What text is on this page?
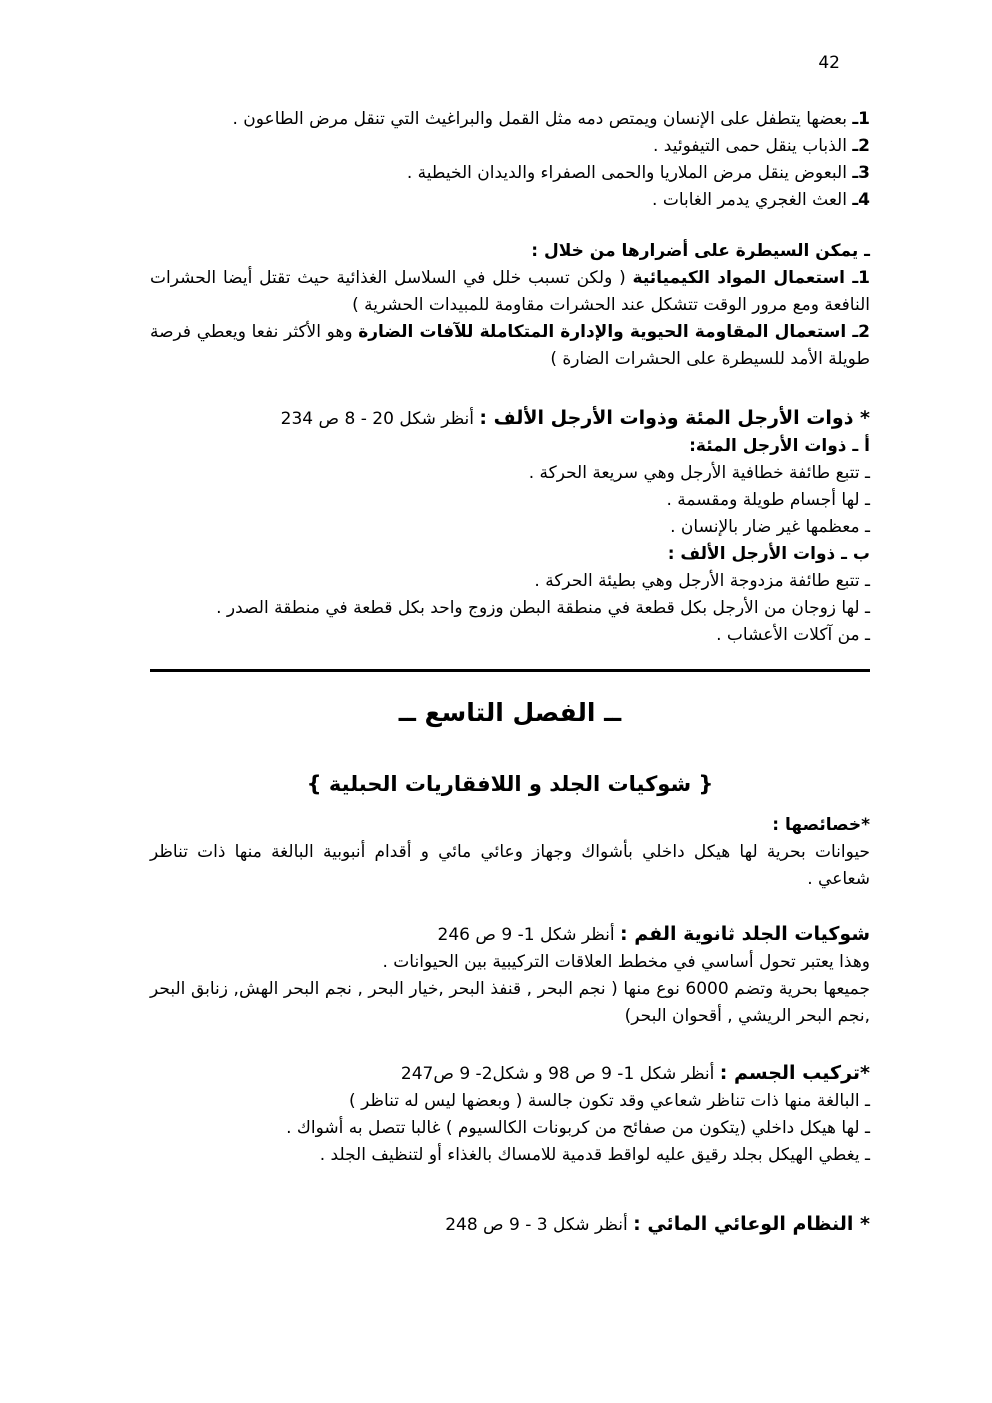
42

1ـ بعضها يتطفل على الإنسان ويمتص دمه مثل القمل والبراغيث التي تنقل مرض الطاعون .

2ـ الذباب ينقل حمى التيفوئيد .

3ـ البعوض ينقل مرض الملاريا والحمى الصفراء والديدان الخيطية .

4ـ العث الغجري يدمر الغابات .

ـ يمكن السيطرة على أضرارها من خلال :

1ـ استعمال المواد الكيميائية ( ولكن تسبب خلل في السلاسل الغذائية حيث تقتل أيضا الحشرات النافعة ومع مرور الوقت تتشكل عند الحشرات مقاومة للمبيدات الحشرية )

2ـ استعمال المقاومة الحيوية والإدارة المتكاملة للآفات الضارة وهو الأكثر نفعا ويعطي فرصة طويلة الأمد للسيطرة على الحشرات الضارة )

* ذوات الأرجل المئة وذوات الأرجل الألف : أنظر شكل 20 - 8 ص 234

أ ـ ذوات الأرجل المئة:

ـ تتبع طائفة خطافية الأرجل وهي سريعة الحركة .

ـ لها أجسام طويلة ومقسمة .

ـ معظمها غير ضار بالإنسان .

ب ـ ذوات الأرجل الألف :

ـ تتبع طائفة مزدوجة الأرجل وهي بطيئة الحركة .

ـ لها زوجان من الأرجل بكل قطعة في منطقة البطن وزوج واحد بكل قطعة في منطقة الصدر .

ـ من آكلات الأعشاب .

ــ الفصل التاسع ــ
{ شوكيات الجلد و اللافقاريات الحبلية }

*خصائصها :

حيوانات بحرية لها هيكل داخلي بأشواك وجهاز وعائي مائي و أقدام أنبوبية البالغة منها ذات تناظر شعاعي .

شوكيات الجلد ثانوية الفم : أنظر شكل 1- 9 ص 246

وهذا يعتبر تحول أساسي في مخطط العلاقات التركيبية بين الحيوانات .

جميعها بحرية وتضم 6000 نوع منها ( نجم البحر , قنفذ البحر ,خيار البحر , نجم البحر الهش, زنابق البحر ,نجم البحر الريشي , أقحوان البحر)

*تركيب الجسم : أنظر شكل 1- 9 ص 98 و شكل2- 9 ص247

ـ البالغة منها ذات تناظر شعاعي وقد تكون جالسة ( وبعضها ليس له تناظر )

ـ لها هيكل داخلي (يتكون من صفائح من كربونات الكالسيوم ) غالبا تتصل به أشواك .

ـ يغطي الهيكل بجلد رقيق عليه لواقط قدمية للامساك بالغذاء أو لتنظيف الجلد .

* النظام الوعائي المائي : أنظر شكل 3 - 9 ص 248
